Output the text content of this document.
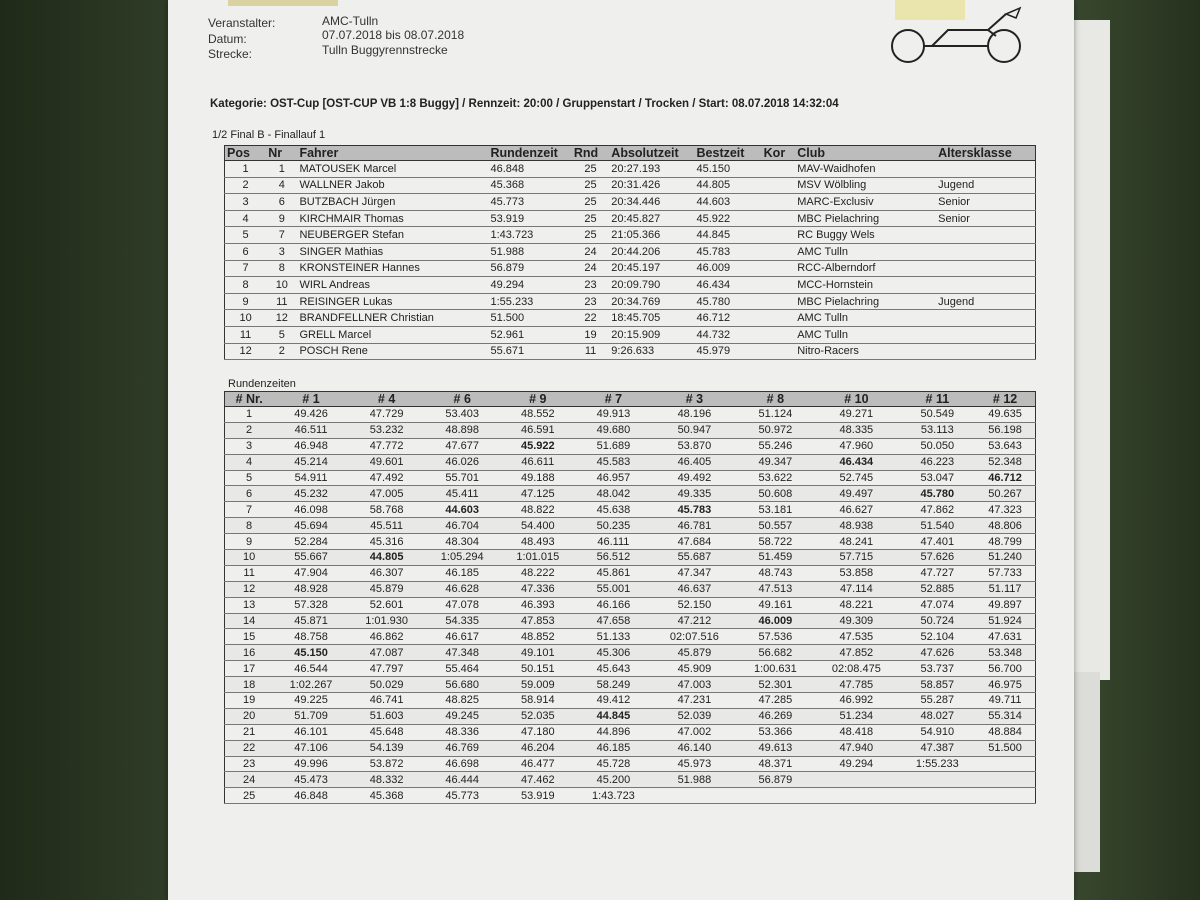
Veranstalter:	AMC-Tulln
Datum:	07.07.2018 bis 08.07.2018
Strecke:	Tulln Buggyrennstrecke
Kategorie: OST-Cup [OST-CUP VB 1:8 Buggy] / Rennzeit: 20:00 / Gruppenstart / Trocken / Start: 08.07.2018 14:32:04
1/2 Final B - Finallauf 1
Pos	Nr	Fahrer	Rundenzeit	Rnd	Absolutzeit	Bestzeit	Kor	Club	Altersklasse
1	1	MATOUSEK Marcel	46.848	25	20:27.193	45.150		MAV-Waidhofen	
2	4	WALLNER Jakob	45.368	25	20:31.426	44.805		MSV Wölbling	Jugend
3	6	BUTZBACH Jürgen	45.773	25	20:34.446	44.603		MARC-Exclusiv	Senior
4	9	KIRCHMAIR Thomas	53.919	25	20:45.827	45.922		MBC Pielachring	Senior
5	7	NEUBERGER Stefan	1:43.723	25	21:05.366	44.845		RC Buggy Wels	
6	3	SINGER Mathias	51.988	24	20:44.206	45.783		AMC Tulln	
7	8	KRONSTEINER Hannes	56.879	24	20:45.197	46.009		RCC-Alberndorf	
8	10	WIRL Andreas	49.294	23	20:09.790	46.434		MCC-Hornstein	
9	11	REISINGER Lukas	1:55.233	23	20:34.769	45.780		MBC Pielachring	Jugend
10	12	BRANDFELLNER Christian	51.500	22	18:45.705	46.712		AMC Tulln	
11	5	GRELL Marcel	52.961	19	20:15.909	44.732		AMC Tulln	
12	2	POSCH Rene	55.671	11	9:26.633	45.979		Nitro-Racers	
Rundenzeiten
# Nr.	# 1	# 4	# 6	# 9	# 7	# 3	# 8	# 10	# 11	# 12
1	49.426	47.729	53.403	48.552	49.913	48.196	51.124	49.271	50.549	49.635
2	46.511	53.232	48.898	46.591	49.680	50.947	50.972	48.335	53.113	56.198
3	46.948	47.772	47.677	45.922	51.689	53.870	55.246	47.960	50.050	53.643
4	45.214	49.601	46.026	46.611	45.583	46.405	49.347	46.434	46.223	52.348
5	54.911	47.492	55.701	49.188	46.957	49.492	53.622	52.745	53.047	46.712
6	45.232	47.005	45.411	47.125	48.042	49.335	50.608	49.497	45.780	50.267
7	46.098	58.768	44.603	48.822	45.638	45.783	53.181	46.627	47.862	47.323
8	45.694	45.511	46.704	54.400	50.235	46.781	50.557	48.938	51.540	48.806
9	52.284	45.316	48.304	48.493	46.111	47.684	58.722	48.241	47.401	48.799
10	55.667	44.805	1:05.294	1:01.015	56.512	55.687	51.459	57.715	57.626	51.240
11	47.904	46.307	46.185	48.222	45.861	47.347	48.743	53.858	47.727	57.733
12	48.928	45.879	46.628	47.336	55.001	46.637	47.513	47.114	52.885	51.117
13	57.328	52.601	47.078	46.393	46.166	52.150	49.161	48.221	47.074	49.897
14	45.871	1:01.930	54.335	47.853	47.658	47.212	46.009	49.309	50.724	51.924
15	48.758	46.862	46.617	48.852	51.133	02:07.516	57.536	47.535	52.104	47.631
16	45.150	47.087	47.348	49.101	45.306	45.879	56.682	47.852	47.626	53.348
17	46.544	47.797	55.464	50.151	45.643	45.909	1:00.631	02:08.475	53.737	56.700
18	1:02.267	50.029	56.680	59.009	58.249	47.003	52.301	47.785	58.857	46.975
19	49.225	46.741	48.825	58.914	49.412	47.231	47.285	46.992	55.287	49.711
20	51.709	51.603	49.245	52.035	44.845	52.039	46.269	51.234	48.027	55.314
21	46.101	45.648	48.336	47.180	44.896	47.002	53.366	48.418	54.910	48.884
22	47.106	54.139	46.769	46.204	46.185	46.140	49.613	47.940	47.387	51.500
23	49.996	53.872	46.698	46.477	45.728	45.973	48.371	49.294	1:55.233	
24	45.473	48.332	46.444	47.462	45.200	51.988	56.879			
25	46.848	45.368	45.773	53.919	1:43.723					
